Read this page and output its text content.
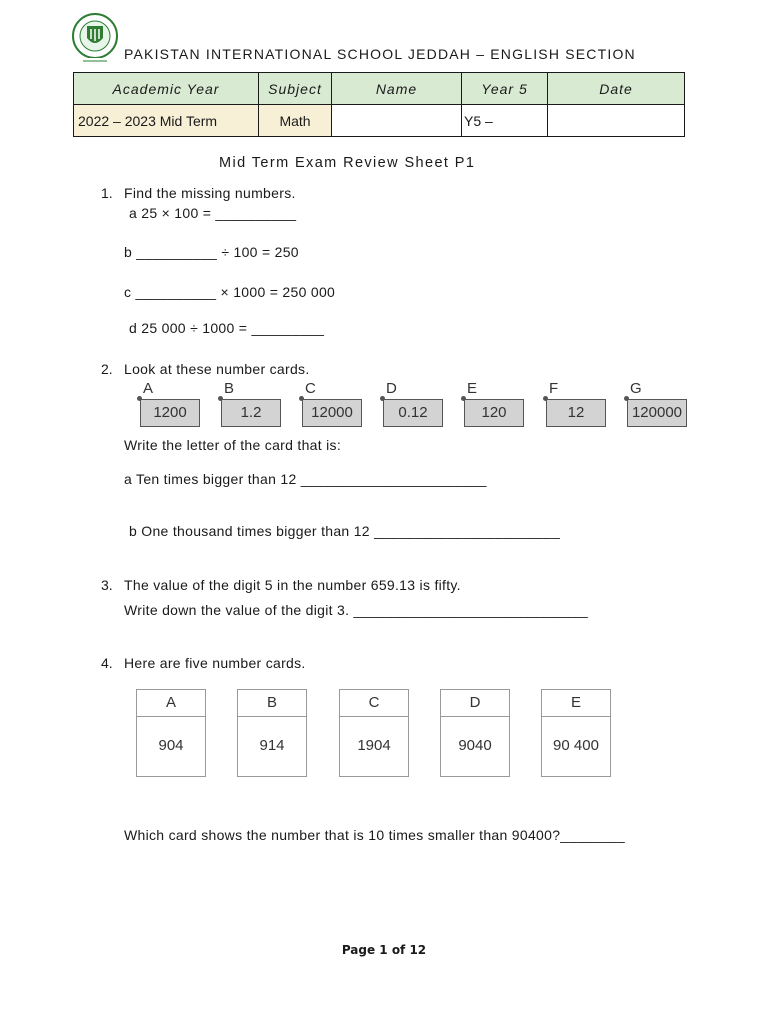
PAKISTAN INTERNATIONAL SCHOOL JEDDAH – ENGLISH SECTION
Academic Year	Subject	Name	Year 5	Date
2022 – 2023 Mid Term	Math		Y5 –	
Mid Term Exam Review Sheet P1
1. Find the missing numbers.
a 25 × 100 = __________
b __________ ÷ 100 = 250
c __________ × 1000 = 250 000
d 25 000 ÷ 1000 = _________
2. Look at these number cards.
A
1200
B
1.2
C
12000
D
0.12
E
120
F
12
G
120000
Write the letter of the card that is:
a Ten times bigger than 12 _______________________
b One thousand times bigger than 12 _______________________
3. The value of the digit 5 in the number 659.13 is fifty.
Write down the value of the digit 3. _____________________________
4. Here are five number cards.
A
904
B
914
C
1904
D
9040
E
90 400
Which card shows the number that is 10 times smaller than 90400?________
Page 1 of 12
